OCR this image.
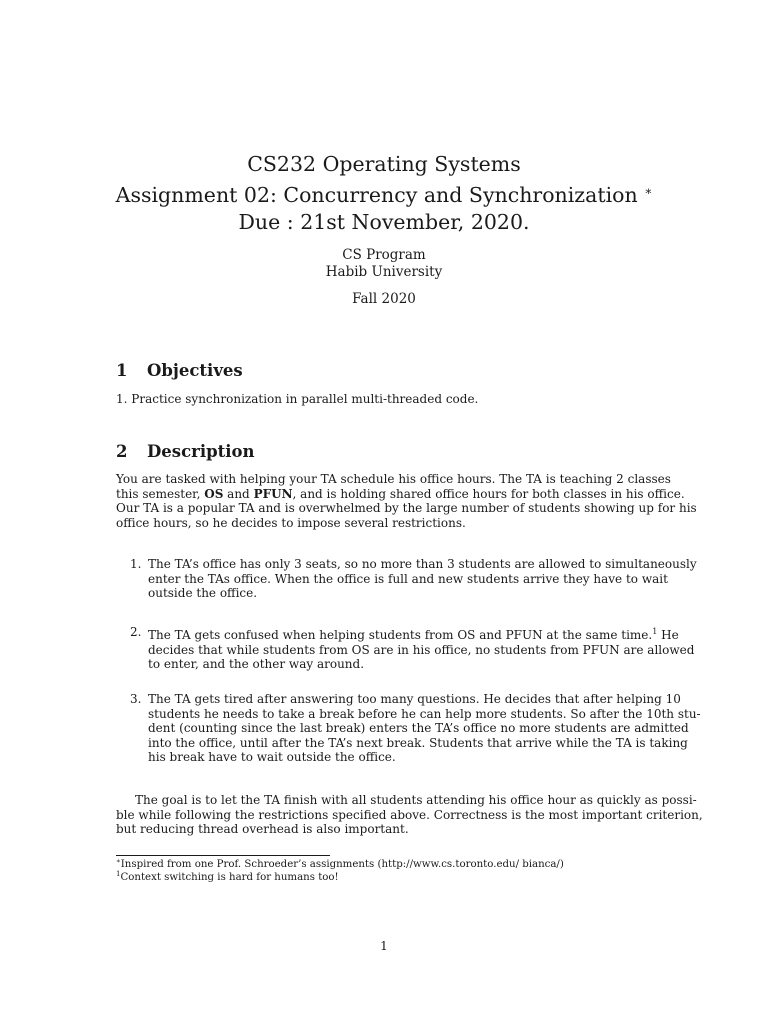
CS232 Operating Systems
Assignment 02: Concurrency and Synchronization ∗
Due : 21st November, 2020.
CS Program
Habib University
Fall 2020
1 Objectives
1. Practice synchronization in parallel multi-threaded code.
2 Description
You are tasked with helping your TA schedule his office hours. The TA is teaching 2 classes
this semester, OS and PFUN, and is holding shared office hours for both classes in his office.
Our TA is a popular TA and is overwhelmed by the large number of students showing up for his
office hours, so he decides to impose several restrictions.
1. The TA’s office has only 3 seats, so no more than 3 students are allowed to simultaneously
enter the TAs office. When the office is full and new students arrive they have to wait
outside the office.
2. The TA gets confused when helping students from OS and PFUN at the same time.$^1$ He
decides that while students from OS are in his office, no students from PFUN are allowed
to enter, and the other way around.
3. The TA gets tired after answering too many questions. He decides that after helping 10
students he needs to take a break before he can help more students. So after the 10th stu-
dent (counting since the last break) enters the TA’s office no more students are admitted
into the office, until after the TA’s next break. Students that arrive while the TA is taking
his break have to wait outside the office.
The goal is to let the TA finish with all students attending his office hour as quickly as possi-
ble while following the restrictions specified above. Correctness is the most important criterion,
but reducing thread overhead is also important.
∗Inspired from one Prof. Schroeder’s assignments (http://www.cs.toronto.edu/ bianca/)
$^1$Context switching is hard for humans too!
1
